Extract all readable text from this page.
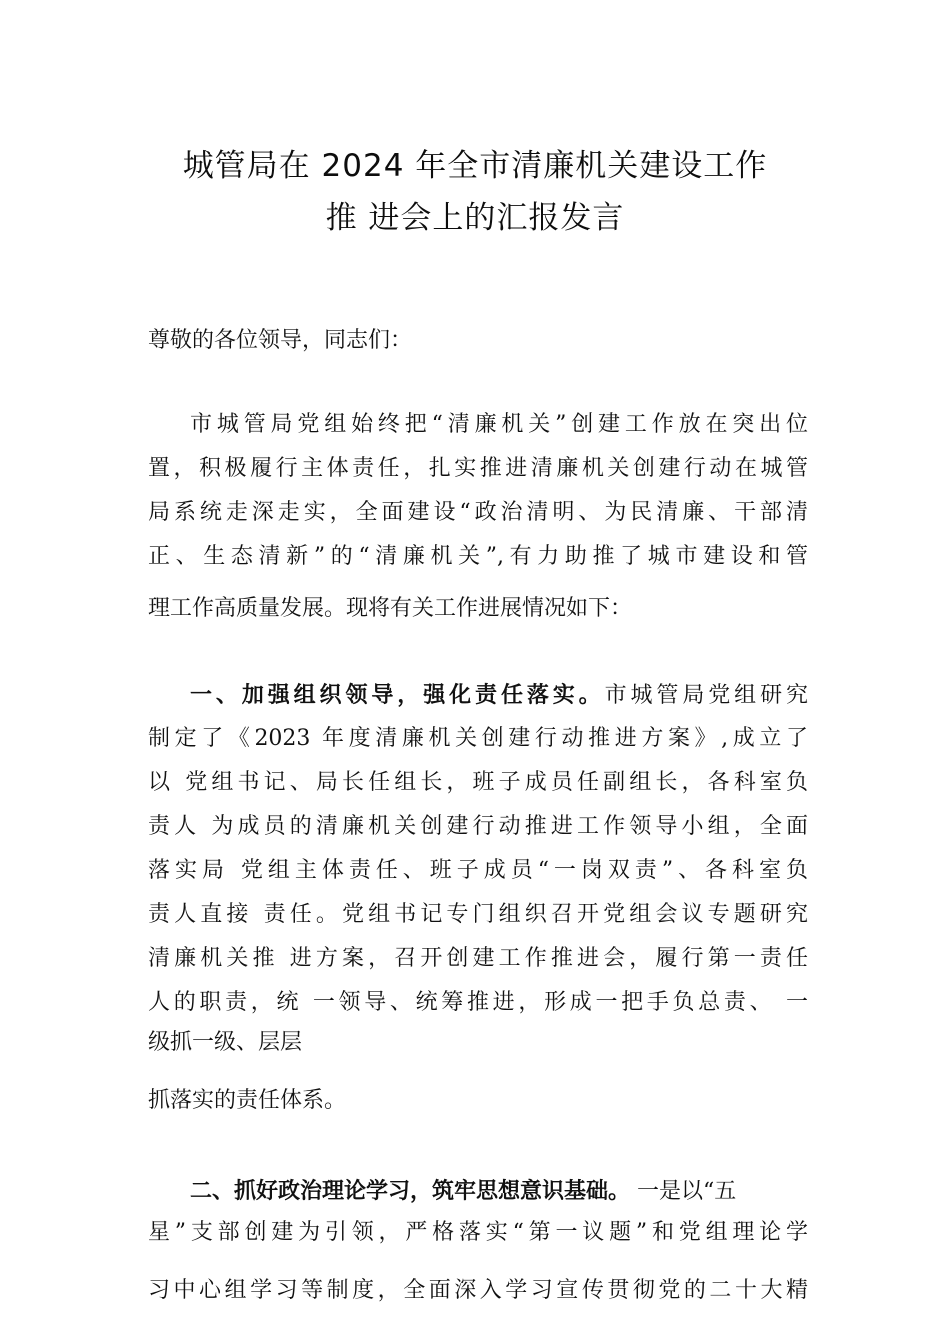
城管局在 2024 年全市清廉机关建设工作
推 进会上的汇报发言
尊敬的各位领导，同志们：
市城管局党组始终把“清廉机关”创建工作放在突出位
置，积极履行主体责任，扎实推进清廉机关创建行动在城管
局系统走深走实，全面建设“政治清明、为民清廉、干部清
正、生态清新”的“清廉机关”,有力助推了城市建设和管
理工作高质量发展。现将有关工作进展情况如下：
一、加强组织领导，强化责任落实。市城管局党组研究
制定了《2023 年度清廉机关创建行动推进方案》,成立了
以 党组书记、局长任组长，班子成员任副组长，各科室负
责人 为成员的清廉机关创建行动推进工作领导小组，全面
落实局 党组主体责任、班子成员“一岗双责”、各科室负
责人直接 责任。党组书记专门组织召开党组会议专题研究
清廉机关推 进方案，召开创建工作推进会，履行第一责任
人的职责，统 一领导、统筹推进，形成一把手负总责、 一
级抓一级、层层
抓落实的责任体系。
二、抓好政治理论学习，筑牢思想意识基础。 一是以“五
星”支部创建为引领，严格落实“第一议题”和党组理论学
习中心组学习等制度，全面深入学习宣传贯彻党的二十大精
